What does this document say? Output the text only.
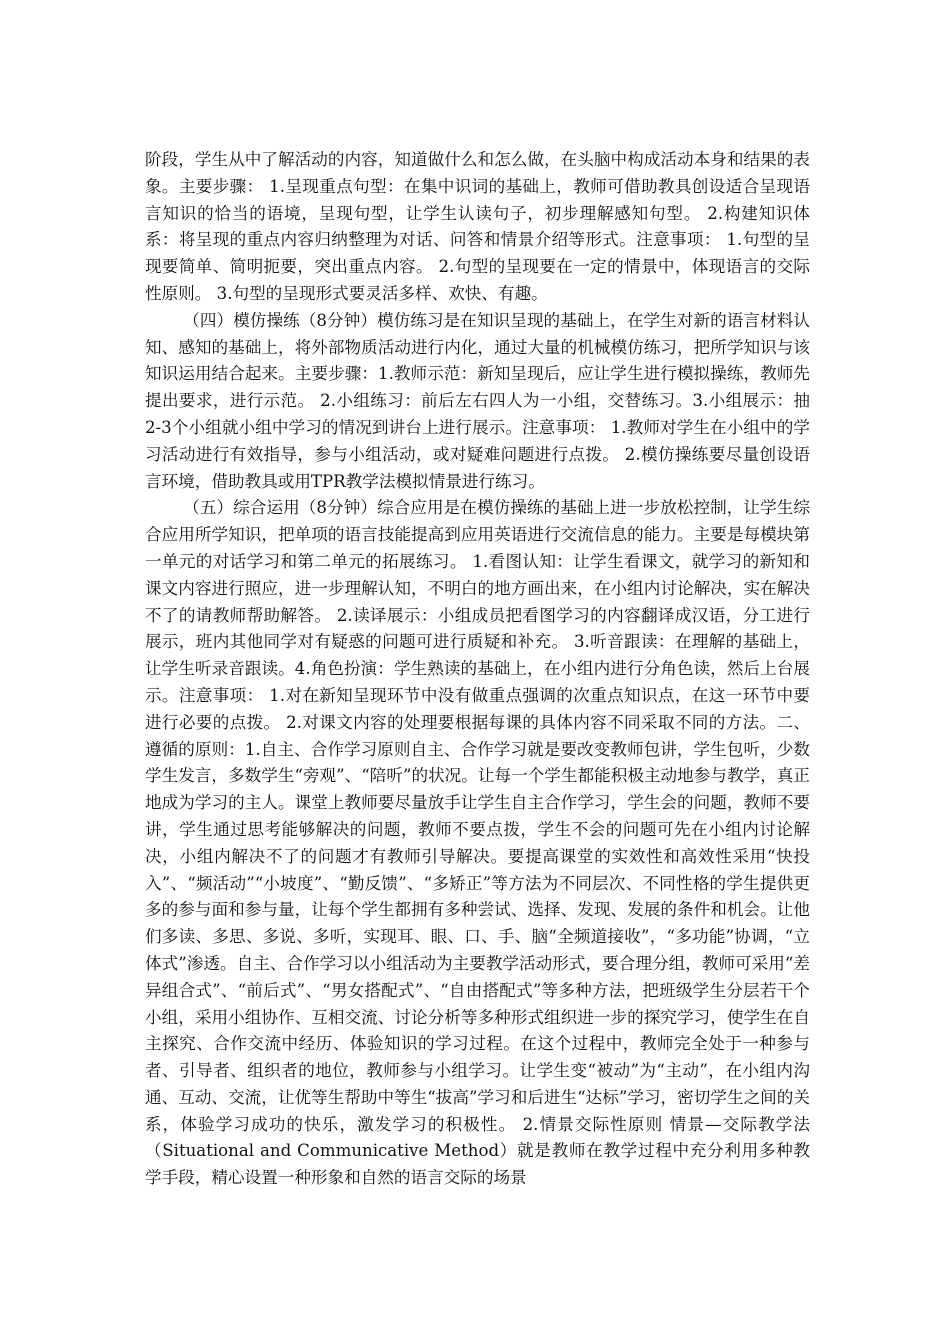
阶段，学生从中了解活动的内容，知道做什么和怎么做，在头脑中构成活动本身和结果的表象。主要步骤： 1.呈现重点句型：在集中识词的基础上，教师可借助教具创设适合呈现语言知识的恰当的语境，呈现句型，让学生认读句子，初步理解感知句型。 2.构建知识体系：将呈现的重点内容归纳整理为对话、问答和情景介绍等形式。注意事项： 1.句型的呈现要简单、简明扼要，突出重点内容。 2.句型的呈现要在一定的情景中，体现语言的交际性原则。 3.句型的呈现形式要灵活多样、欢快、有趣。

（四）模仿操练（8分钟）模仿练习是在知识呈现的基础上，在学生对新的语言材料认知、感知的基础上，将外部物质活动进行内化，通过大量的机械模仿练习，把所学知识与该知识运用结合起来。主要步骤：1.教师示范：新知呈现后，应让学生进行模拟操练，教师先提出要求，进行示范。 2.小组练习：前后左右四人为一小组，交替练习。3.小组展示：抽2-3个小组就小组中学习的情况到讲台上进行展示。注意事项： 1.教师对学生在小组中的学习活动进行有效指导，参与小组活动，或对疑难问题进行点拨。 2.模仿操练要尽量创设语言环境，借助教具或用TPR教学法模拟情景进行练习。

（五）综合运用（8分钟）综合应用是在模仿操练的基础上进一步放松控制，让学生综合应用所学知识，把单项的语言技能提高到应用英语进行交流信息的能力。主要是每模块第一单元的对话学习和第二单元的拓展练习。 1.看图认知：让学生看课文，就学习的新知和课文内容进行照应，进一步理解认知，不明白的地方画出来，在小组内讨论解决，实在解决不了的请教师帮助解答。 2.读译展示：小组成员把看图学习的内容翻译成汉语，分工进行展示，班内其他同学对有疑惑的问题可进行质疑和补充。 3.听音跟读：在理解的基础上，让学生听录音跟读。4.角色扮演：学生熟读的基础上，在小组内进行分角色读，然后上台展示。注意事项： 1.对在新知呈现环节中没有做重点强调的次重点知识点，在这一环节中要进行必要的点拨。 2.对课文内容的处理要根据每课的具体内容不同采取不同的方法。二、遵循的原则：1.自主、合作学习原则自主、合作学习就是要改变教师包讲，学生包听，少数学生发言，多数学生“旁观”、“陪听”的状况。让每一个学生都能积极主动地参与教学，真正地成为学习的主人。课堂上教师要尽量放手让学生自主合作学习，学生会的问题，教师不要讲，学生通过思考能够解决的问题，教师不要点拨，学生不会的问题可先在小组内讨论解决，小组内解决不了的问题才有教师引导解决。要提高课堂的实效性和高效性采用“快投入”、“频活动”“小坡度”、“勤反馈”、“多矫正”等方法为不同层次、不同性格的学生提供更多的参与面和参与量，让每个学生都拥有多种尝试、选择、发现、发展的条件和机会。让他们多读、多思、多说、多听，实现耳、眼、口、手、脑“全频道接收”，“多功能”协调，“立体式”渗透。自主、合作学习以小组活动为主要教学活动形式，要合理分组，教师可采用“差异组合式”、“前后式”、“男女搭配式”、“自由搭配式”等多种方法，把班级学生分层若干个小组，采用小组协作、互相交流、讨论分析等多种形式组织进一步的探究学习，使学生在自主探究、合作交流中经历、体验知识的学习过程。在这个过程中，教师完全处于一种参与者、引导者、组织者的地位，教师参与小组学习。让学生变“被动”为“主动”，在小组内沟通、互动、交流，让优等生帮助中等生“拔高”学习和后进生“达标”学习，密切学生之间的关系，体验学习成功的快乐，激发学习的积极性。 2.情景交际性原则 情景—交际教学法（Situational and Communicative Method）就是教师在教学过程中充分利用多种教学手段，精心设置一种形象和自然的语言交际的场景
